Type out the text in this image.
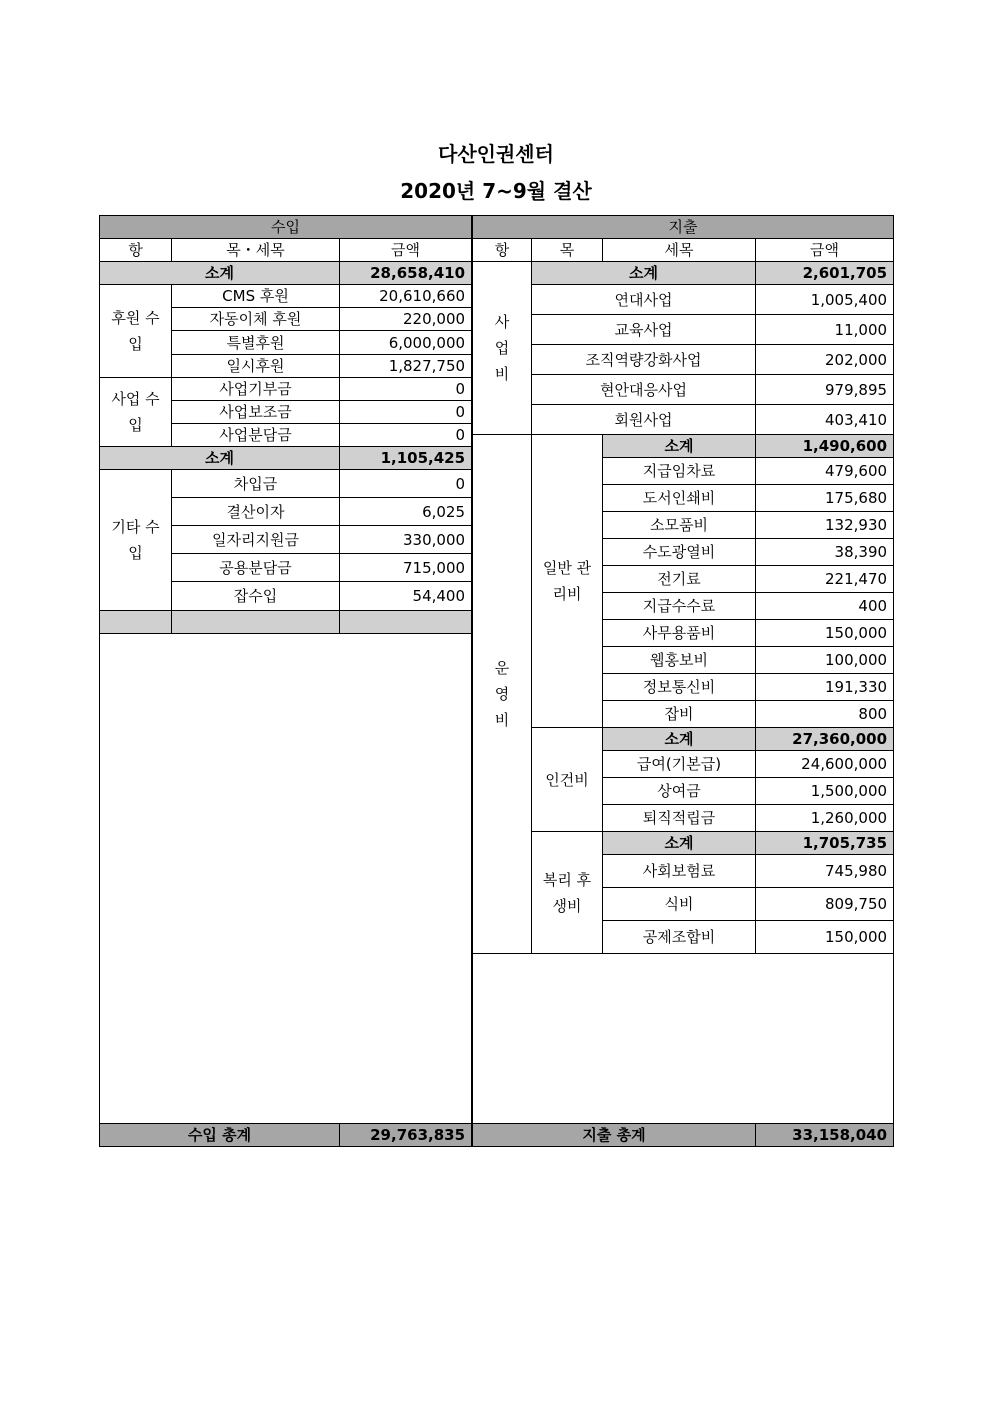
다산인권센터
2020년 7~9월 결산
수입		
항	목・세목	금액
소계		28,658,410
후원 수입	CMS 후원	20,610,660
	자동이체 후원	220,000
	특별후원	6,000,000
	일시후원	1,827,750
사업 수입	사업기부금	0
	사업보조금	0
	사업분담금	0
소계		1,105,425
기타 수입	차입금	0
	결산이자	6,025
	일자리지원금	330,000
	공용분담금	715,000
	잡수입	54,400

수입 총계		29,763,835
지출			
항	목	세목	금액
사 업 비	소계		2,601,705
	연대사업		1,005,400
	교육사업		11,000
	조직역량강화사업		202,000
	현안대응사업		979,895
	회원사업		403,410
운 영 비	일반 관리비	소계	1,490,600
		지급임차료	479,600
		도서인쇄비	175,680
		소모품비	132,930
		수도광열비	38,390
		전기료	221,470
		지급수수료	400
		사무용품비	150,000
		웹홍보비	100,000
		정보통신비	191,330
		잡비	800
	인건비	소계	27,360,000
		급여(기본급)	24,600,000
		상여금	1,500,000
		퇴직적립금	1,260,000
	복리 후생비	소계	1,705,735
		사회보험료	745,980
		식비	809,750
		공제조합비	150,000

지출 총계			33,158,040
